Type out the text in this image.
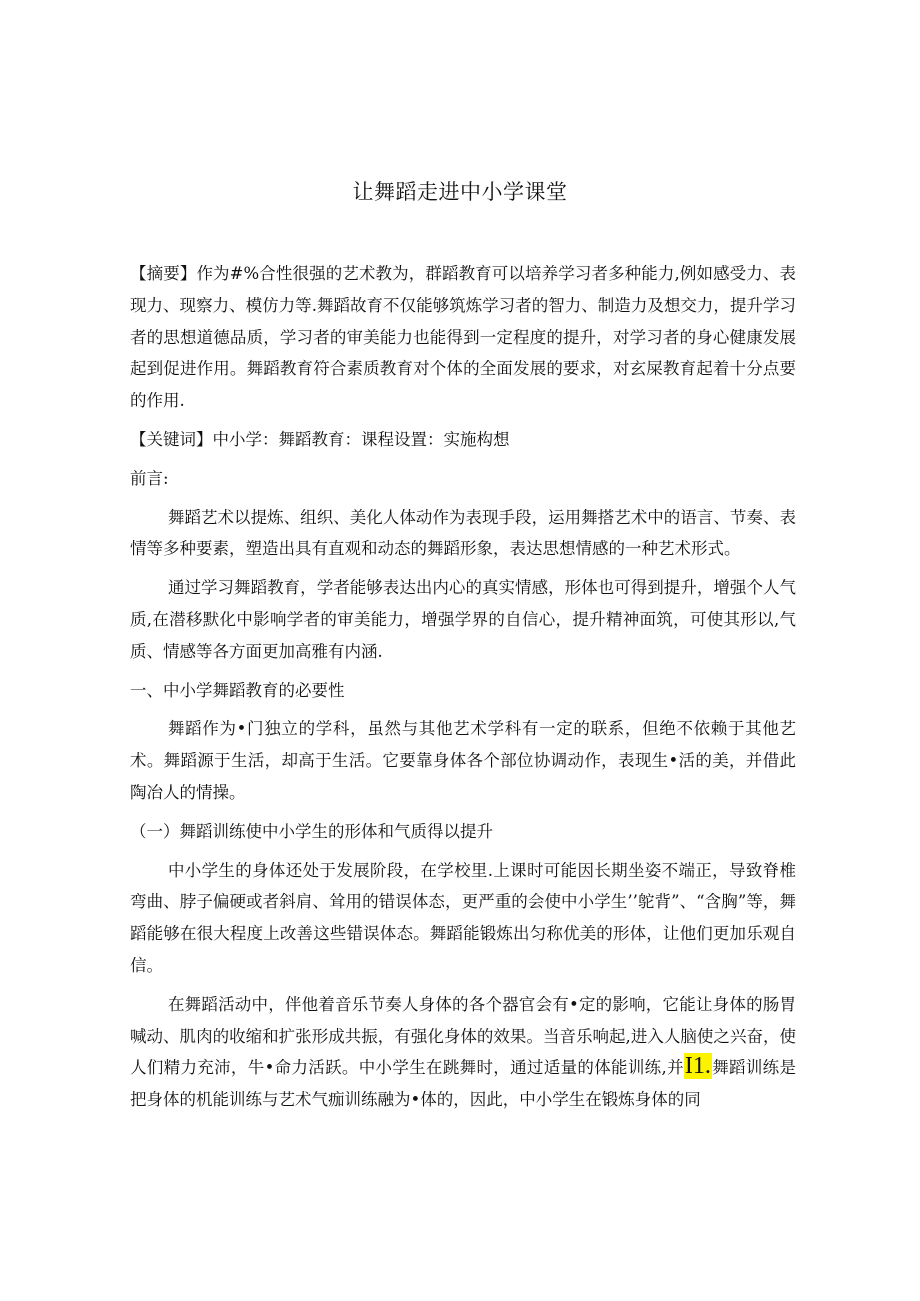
让舞蹈走进中小学课堂

【摘要】作为#%合性很强的艺术教为，群蹈教育可以培养学习者多种能力,例如感受力、表现力、现察力、模仿力等.舞蹈故育不仅能够筑炼学习者的智力、制造力及想交力，提升学习者的思想道德品质，学习者的审美能力也能得到一定程度的提升，对学习者的身心健康发展起到促进作用。舞蹈教育符合素质教育对个体的全面发展的要求，对玄屎教育起着十分点要的作用.

【关键词】中小学：舞蹈教育：课程设置：实施构想

前言:

舞蹈艺术以提炼、组织、美化人体动作为表现手段，运用舞搭艺术中的语言、节奏、表情等多种要素，塑造出具有直观和动态的舞蹈形象，表达思想情感的一种艺术形式。

通过学习舞蹈教育，学者能够表达出内心的真实情感，形体也可得到提升，增强个人气质,在潜移默化中影响学者的审美能力，增强学界的自信心，提升精神面筑，可使其形以,气质、情感等各方面更加高雅有内涵.

一、中小学舞蹈教育的必要性

舞蹈作为•门独立的学科，虽然与其他艺术学科有一定的联系，但绝不依赖于其他艺术。舞蹈源于生活，却高于生活。它要靠身体各个部位协调动作，表现生•活的美，并借此陶冶人的情操。

（一）舞蹈训练使中小学生的形体和气质得以提升

中小学生的身体还处于发展阶段，在学校里.上课时可能因长期坐姿不端正，导致脊椎弯曲、脖子偏硬或者斜肩、耸用的错误体态，更严重的会使中小学生’’鸵背”、“含胸”等，舞蹈能够在很大程度上改善这些错误体态。舞蹈能锻炼出匀称优美的形体，让他们更加乐观自信。

在舞蹈活动中，伴他着音乐节奏人身体的各个器官会有•定的影响，它能让身体的肠胃喊动、肌肉的收缩和扩张形成共振，有强化身体的效果。当音乐响起,进入人脑使之兴奋，使人们精力充沛，牛•命力活跃。中小学生在跳舞时，通过适量的体能训练,并I1.舞蹈训练是把身体的机能训练与艺术气痂训练融为•体的，因此，中小学生在锻炼身体的同
